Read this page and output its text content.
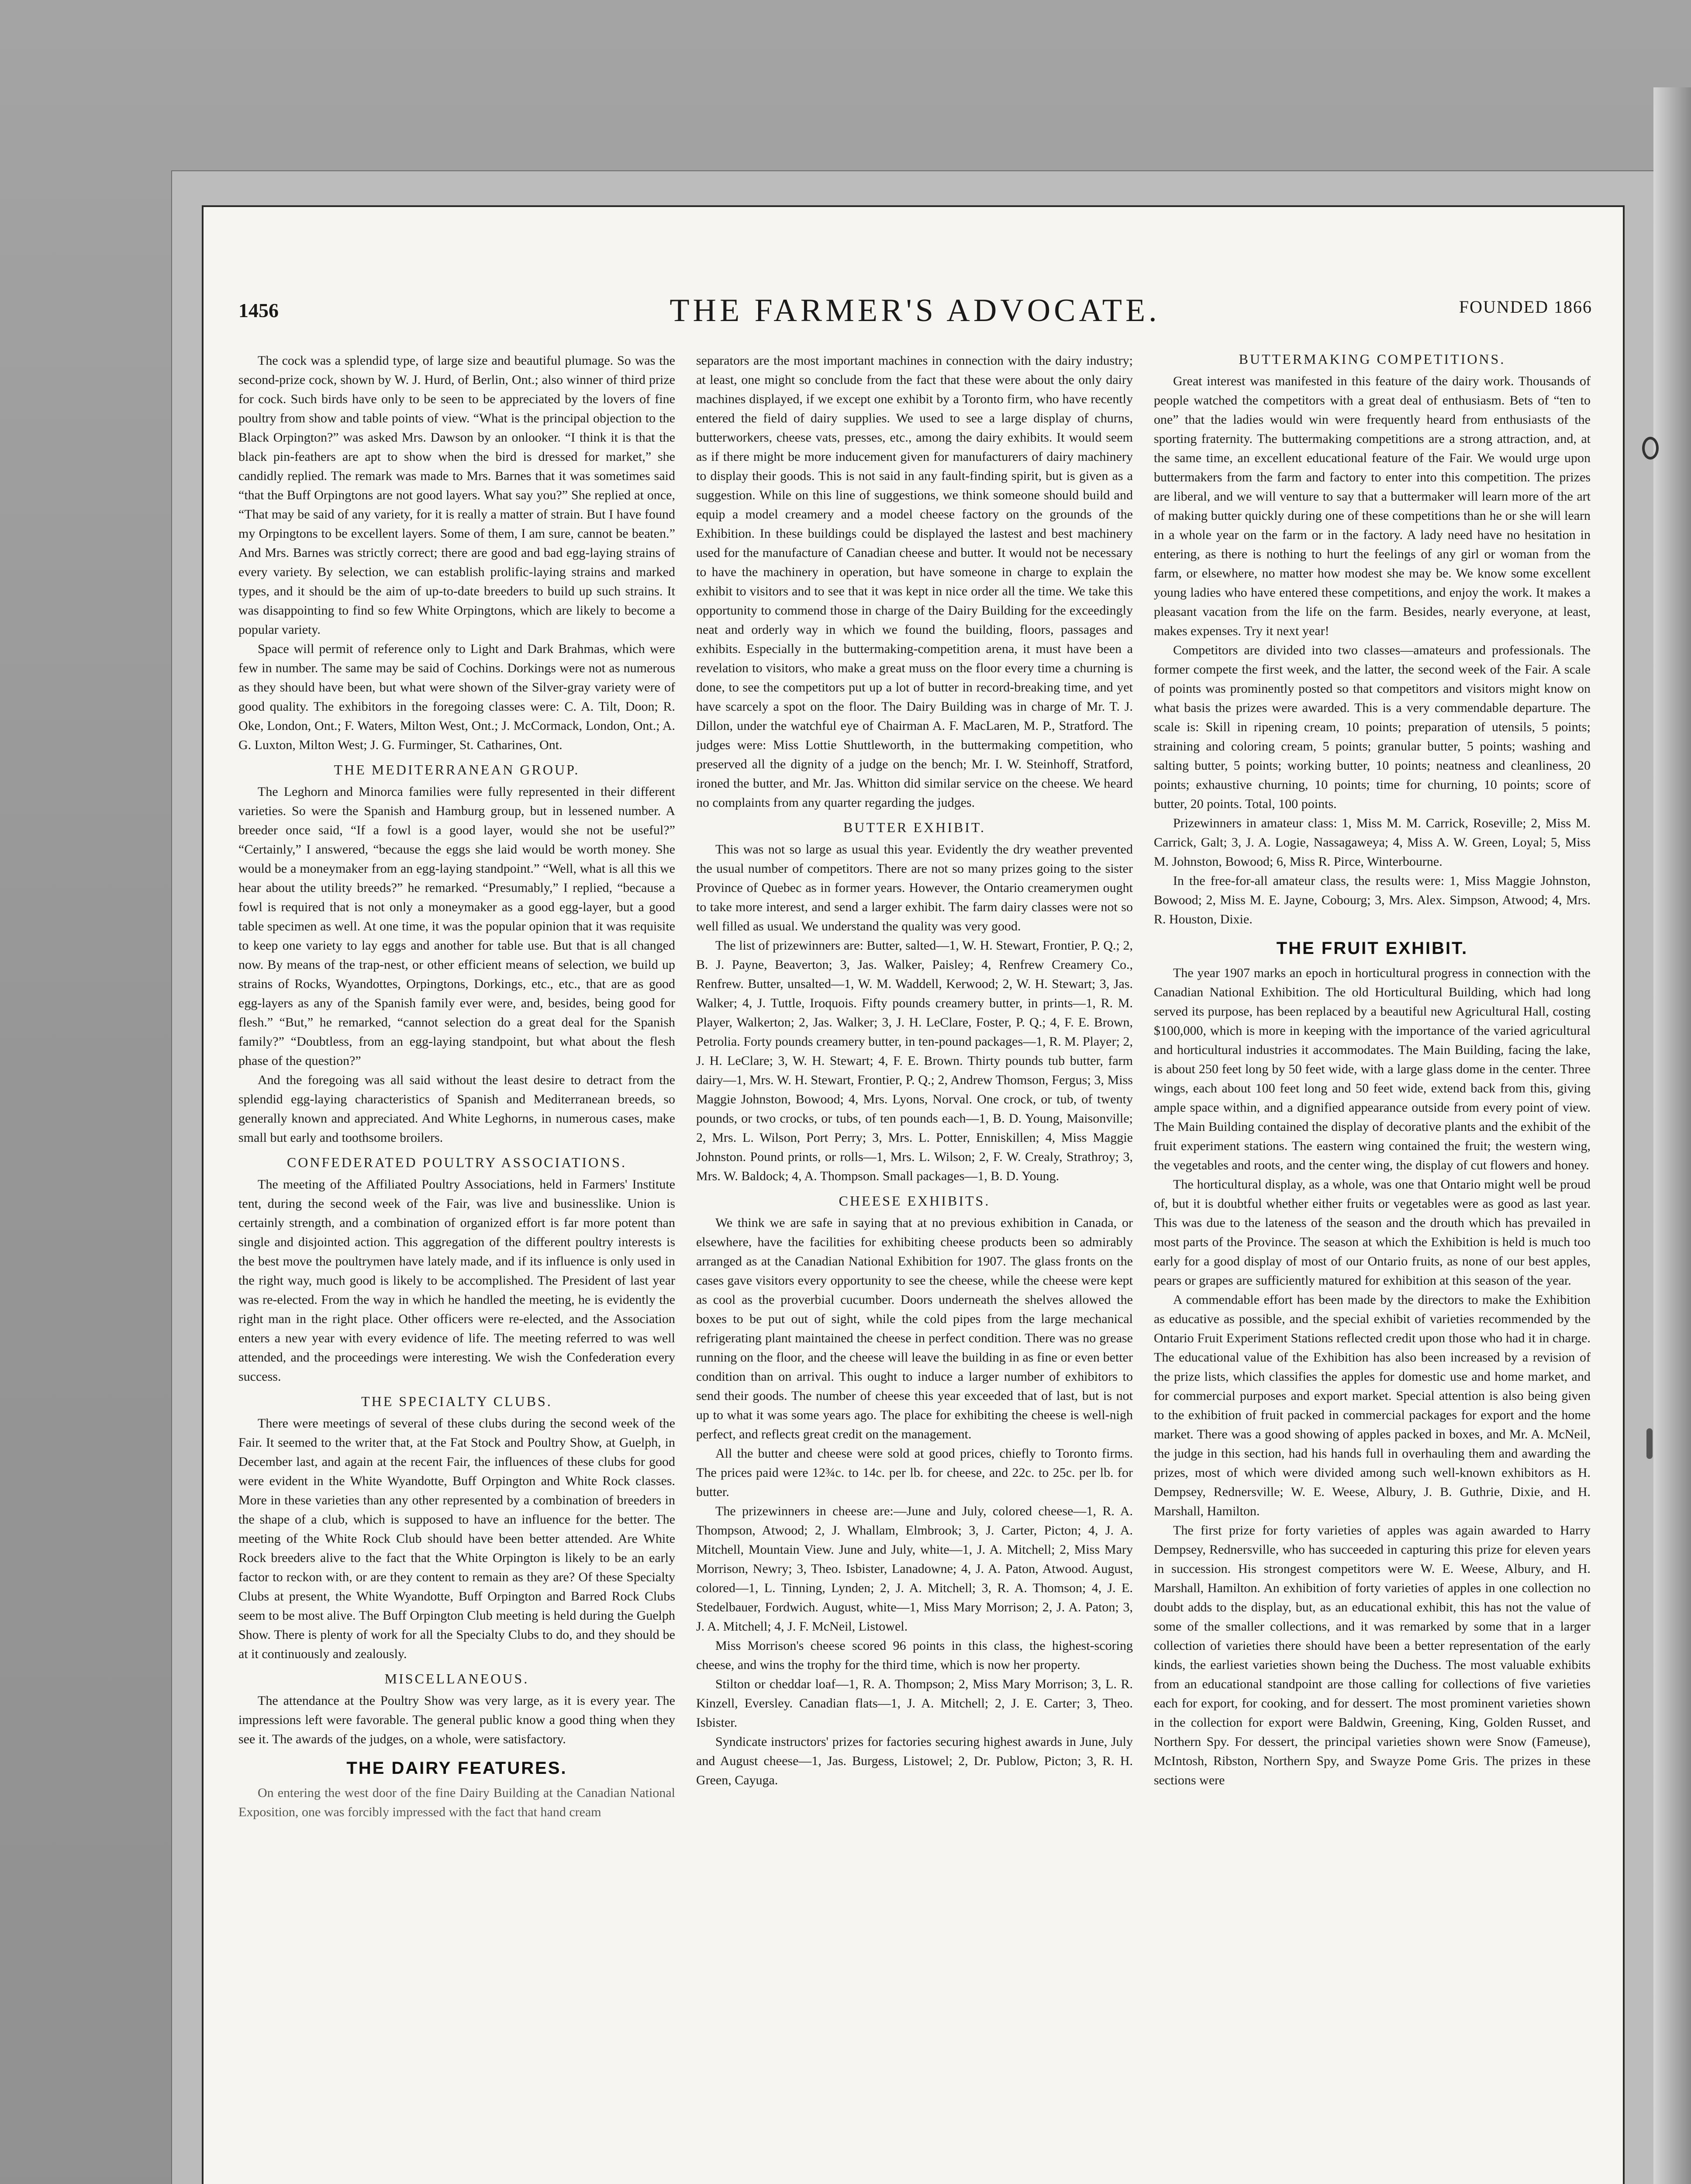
1456	THE FARMER'S ADVOCATE.	FOUNDED 1866

The cock was a splendid type, of large size and beautiful plumage. So was the second-prize cock, shown by W. J. Hurd, of Berlin, Ont.; also winner of third prize for cock. Such birds have only to be seen to be appreciated by the lovers of fine poultry from show and table points of view. “What is the principal objection to the Black Orpington?” was asked Mrs. Dawson by an onlooker. “I think it is that the black pin-feathers are apt to show when the bird is dressed for market,” she candidly replied. The remark was made to Mrs. Barnes that it was sometimes said “that the Buff Orpingtons are not good layers. What say you?” She replied at once, “That may be said of any variety, for it is really a matter of strain. But I have found my Orpingtons to be excellent layers. Some of them, I am sure, cannot be beaten.” And Mrs. Barnes was strictly correct; there are good and bad egg-laying strains of every variety. By selection, we can establish prolific-laying strains and marked types, and it should be the aim of up-to-date breeders to build up such strains. It was disappointing to find so few White Orpingtons, which are likely to become a popular variety.

Space will permit of reference only to Light and Dark Brahmas, which were few in number. The same may be said of Cochins. Dorkings were not as numerous as they should have been, but what were shown of the Silver-gray variety were of good quality. The exhibitors in the foregoing classes were: C. A. Tilt, Doon; R. Oke, London, Ont.; F. Waters, Milton West, Ont.; J. McCormack, London, Ont.; A. G. Luxton, Milton West; J. G. Furminger, St. Catharines, Ont.

THE MEDITERRANEAN GROUP.

The Leghorn and Minorca families were fully represented in their different varieties. So were the Spanish and Hamburg group, but in lessened number. A breeder once said, “If a fowl is a good layer, would she not be useful?” “Certainly,” I answered, “because the eggs she laid would be worth money. She would be a moneymaker from an egg-laying standpoint.” “Well, what is all this we hear about the utility breeds?” he remarked. “Presumably,” I replied, “because a fowl is required that is not only a moneymaker as a good egg-layer, but a good table specimen as well. At one time, it was the popular opinion that it was requisite to keep one variety to lay eggs and another for table use. But that is all changed now. By means of the trap-nest, or other efficient means of selection, we build up strains of Rocks, Wyandottes, Orpingtons, Dorkings, etc., etc., that are as good egg-layers as any of the Spanish family ever were, and, besides, being good for flesh.” “But,” he remarked, “cannot selection do a great deal for the Spanish family?” “Doubtless, from an egg-laying standpoint, but what about the flesh phase of the question?”

And the foregoing was all said without the least desire to detract from the splendid egg-laying characteristics of Spanish and Mediterranean breeds, so generally known and appreciated. And White Leghorns, in numerous cases, make small but early and toothsome broilers.

CONFEDERATED POULTRY ASSOCIATIONS.

The meeting of the Affiliated Poultry Associations, held in Farmers' Institute tent, during the second week of the Fair, was live and businesslike. Union is certainly strength, and a combination of organized effort is far more potent than single and disjointed action. This aggregation of the different poultry interests is the best move the poultrymen have lately made, and if its influence is only used in the right way, much good is likely to be accomplished. The President of last year was re-elected. From the way in which he handled the meeting, he is evidently the right man in the right place. Other officers were re-elected, and the Association enters a new year with every evidence of life. The meeting referred to was well attended, and the proceedings were interesting. We wish the Confederation every success.

THE SPECIALTY CLUBS.

There were meetings of several of these clubs during the second week of the Fair. It seemed to the writer that, at the Fat Stock and Poultry Show, at Guelph, in December last, and again at the recent Fair, the influences of these clubs for good were evident in the White Wyandotte, Buff Orpington and White Rock classes. More in these varieties than any other represented by a combination of breeders in the shape of a club, which is supposed to have an influence for the better. The meeting of the White Rock Club should have been better attended. Are White Rock breeders alive to the fact that the White Orpington is likely to be an early factor to reckon with, or are they content to remain as they are? Of these Specialty Clubs at present, the White Wyandotte, Buff Orpington and Barred Rock Clubs seem to be most alive. The Buff Orpington Club meeting is held during the Guelph Show. There is plenty of work for all the Specialty Clubs to do, and they should be at it continuously and zealously.

MISCELLANEOUS.

The attendance at the Poultry Show was very large, as it is every year. The impressions left were favorable. The general public know a good thing when they see it. The awards of the judges, on a whole, were satisfactory.

THE DAIRY FEATURES.

On entering the west door of the fine Dairy Building at the Canadian National Exposition, one was forcibly impressed with the fact that hand cream

separators are the most important machines in connection with the dairy industry; at least, one might so conclude from the fact that these were about the only dairy machines displayed, if we except one exhibit by a Toronto firm, who have recently entered the field of dairy supplies. We used to see a large display of churns, butterworkers, cheese vats, presses, etc., among the dairy exhibits. It would seem as if there might be more inducement given for manufacturers of dairy machinery to display their goods. This is not said in any fault-finding spirit, but is given as a suggestion. While on this line of suggestions, we think someone should build and equip a model creamery and a model cheese factory on the grounds of the Exhibition. In these buildings could be displayed the lastest and best machinery used for the manufacture of Canadian cheese and butter. It would not be necessary to have the machinery in operation, but have someone in charge to explain the exhibit to visitors and to see that it was kept in nice order all the time. We take this opportunity to commend those in charge of the Dairy Building for the exceedingly neat and orderly way in which we found the building, floors, passages and exhibits. Especially in the buttermaking-competition arena, it must have been a revelation to visitors, who make a great muss on the floor every time a churning is done, to see the competitors put up a lot of butter in record-breaking time, and yet have scarcely a spot on the floor. The Dairy Building was in charge of Mr. T. J. Dillon, under the watchful eye of Chairman A. F. MacLaren, M. P., Stratford. The judges were: Miss Lottie Shuttleworth, in the buttermaking competition, who preserved all the dignity of a judge on the bench; Mr. I. W. Steinhoff, Stratford, ironed the butter, and Mr. Jas. Whitton did similar service on the cheese. We heard no complaints from any quarter regarding the judges.

BUTTER EXHIBIT.

This was not so large as usual this year. Evidently the dry weather prevented the usual number of competitors. There are not so many prizes going to the sister Province of Quebec as in former years. However, the Ontario creamerymen ought to take more interest, and send a larger exhibit. The farm dairy classes were not so well filled as usual. We understand the quality was very good.

The list of prizewinners are: Butter, salted—1, W. H. Stewart, Frontier, P. Q.; 2, B. J. Payne, Beaverton; 3, Jas. Walker, Paisley; 4, Renfrew Creamery Co., Renfrew. Butter, unsalted—1, W. M. Waddell, Kerwood; 2, W. H. Stewart; 3, Jas. Walker; 4, J. Tuttle, Iroquois. Fifty pounds creamery butter, in prints—1, R. M. Player, Walkerton; 2, Jas. Walker; 3, J. H. LeClare, Foster, P. Q.; 4, F. E. Brown, Petrolia. Forty pounds creamery butter, in ten-pound packages—1, R. M. Player; 2, J. H. LeClare; 3, W. H. Stewart; 4, F. E. Brown. Thirty pounds tub butter, farm dairy—1, Mrs. W. H. Stewart, Frontier, P. Q.; 2, Andrew Thomson, Fergus; 3, Miss Maggie Johnston, Bowood; 4, Mrs. Lyons, Norval. One crock, or tub, of twenty pounds, or two crocks, or tubs, of ten pounds each—1, B. D. Young, Maisonville; 2, Mrs. L. Wilson, Port Perry; 3, Mrs. L. Potter, Enniskillen; 4, Miss Maggie Johnston. Pound prints, or rolls—1, Mrs. L. Wilson; 2, F. W. Crealy, Strathroy; 3, Mrs. W. Baldock; 4, A. Thompson. Small packages—1, B. D. Young.

CHEESE EXHIBITS.

We think we are safe in saying that at no previous exhibition in Canada, or elsewhere, have the facilities for exhibiting cheese products been so admirably arranged as at the Canadian National Exhibition for 1907. The glass fronts on the cases gave visitors every opportunity to see the cheese, while the cheese were kept as cool as the proverbial cucumber. Doors underneath the shelves allowed the boxes to be put out of sight, while the cold pipes from the large mechanical refrigerating plant maintained the cheese in perfect condition. There was no grease running on the floor, and the cheese will leave the building in as fine or even better condition than on arrival. This ought to induce a larger number of exhibitors to send their goods. The number of cheese this year exceeded that of last, but is not up to what it was some years ago. The place for exhibiting the cheese is well-nigh perfect, and reflects great credit on the management.

All the butter and cheese were sold at good prices, chiefly to Toronto firms. The prices paid were 12¾c. to 14c. per lb. for cheese, and 22c. to 25c. per lb. for butter.

The prizewinners in cheese are:—June and July, colored cheese—1, R. A. Thompson, Atwood; 2, J. Whallam, Elmbrook; 3, J. Carter, Picton; 4, J. A. Mitchell, Mountain View. June and July, white—1, J. A. Mitchell; 2, Miss Mary Morrison, Newry; 3, Theo. Isbister, Lanadowne; 4, J. A. Paton, Atwood. August, colored—1, L. Tinning, Lynden; 2, J. A. Mitchell; 3, R. A. Thomson; 4, J. E. Stedelbauer, Fordwich. August, white—1, Miss Mary Morrison; 2, J. A. Paton; 3, J. A. Mitchell; 4, J. F. McNeil, Listowel.

Miss Morrison's cheese scored 96 points in this class, the highest-scoring cheese, and wins the trophy for the third time, which is now her property.

Stilton or cheddar loaf—1, R. A. Thompson; 2, Miss Mary Morrison; 3, L. R. Kinzell, Eversley. Canadian flats—1, J. A. Mitchell; 2, J. E. Carter; 3, Theo. Isbister.

Syndicate instructors' prizes for factories securing highest awards in June, July and August cheese—1, Jas. Burgess, Listowel; 2, Dr. Publow, Picton; 3, R. H. Green, Cayuga.

BUTTERMAKING COMPETITIONS.

Great interest was manifested in this feature of the dairy work. Thousands of people watched the competitors with a great deal of enthusiasm. Bets of “ten to one” that the ladies would win were frequently heard from enthusiasts of the sporting fraternity. The buttermaking competitions are a strong attraction, and, at the same time, an excellent educational feature of the Fair. We would urge upon buttermakers from the farm and factory to enter into this competition. The prizes are liberal, and we will venture to say that a buttermaker will learn more of the art of making butter quickly during one of these competitions than he or she will learn in a whole year on the farm or in the factory. A lady need have no hesitation in entering, as there is nothing to hurt the feelings of any girl or woman from the farm, or elsewhere, no matter how modest she may be. We know some excellent young ladies who have entered these competitions, and enjoy the work. It makes a pleasant vacation from the life on the farm. Besides, nearly everyone, at least, makes expenses. Try it next year!

Competitors are divided into two classes—amateurs and professionals. The former compete the first week, and the latter, the second week of the Fair. A scale of points was prominently posted so that competitors and visitors might know on what basis the prizes were awarded. This is a very commendable departure. The scale is: Skill in ripening cream, 10 points; preparation of utensils, 5 points; straining and coloring cream, 5 points; granular butter, 5 points; washing and salting butter, 5 points; working butter, 10 points; neatness and cleanliness, 20 points; exhaustive churning, 10 points; time for churning, 10 points; score of butter, 20 points. Total, 100 points.

Prizewinners in amateur class: 1, Miss M. M. Carrick, Roseville; 2, Miss M. Carrick, Galt; 3, J. A. Logie, Nassagaweya; 4, Miss A. W. Green, Loyal; 5, Miss M. Johnston, Bowood; 6, Miss R. Pirce, Winterbourne.

In the free-for-all amateur class, the results were: 1, Miss Maggie Johnston, Bowood; 2, Miss M. E. Jayne, Cobourg; 3, Mrs. Alex. Simpson, Atwood; 4, Mrs. R. Houston, Dixie.

THE FRUIT EXHIBIT.

The year 1907 marks an epoch in horticultural progress in connection with the Canadian National Exhibition. The old Horticultural Building, which had long served its purpose, has been replaced by a beautiful new Agricultural Hall, costing $100,000, which is more in keeping with the importance of the varied agricultural and horticultural industries it accommodates. The Main Building, facing the lake, is about 250 feet long by 50 feet wide, with a large glass dome in the center. Three wings, each about 100 feet long and 50 feet wide, extend back from this, giving ample space within, and a dignified appearance outside from every point of view. The Main Building contained the display of decorative plants and the exhibit of the fruit experiment stations. The eastern wing contained the fruit; the western wing, the vegetables and roots, and the center wing, the display of cut flowers and honey.

The horticultural display, as a whole, was one that Ontario might well be proud of, but it is doubtful whether either fruits or vegetables were as good as last year. This was due to the lateness of the season and the drouth which has prevailed in most parts of the Province. The season at which the Exhibition is held is much too early for a good display of most of our Ontario fruits, as none of our best apples, pears or grapes are sufficiently matured for exhibition at this season of the year.

A commendable effort has been made by the directors to make the Exhibition as educative as possible, and the special exhibit of varieties recommended by the Ontario Fruit Experiment Stations reflected credit upon those who had it in charge. The educational value of the Exhibition has also been increased by a revision of the prize lists, which classifies the apples for domestic use and home market, and for commercial purposes and export market. Special attention is also being given to the exhibition of fruit packed in commercial packages for export and the home market. There was a good showing of apples packed in boxes, and Mr. A. McNeil, the judge in this section, had his hands full in overhauling them and awarding the prizes, most of which were divided among such well-known exhibitors as H. Dempsey, Rednersville; W. E. Weese, Albury, J. B. Guthrie, Dixie, and H. Marshall, Hamilton.

The first prize for forty varieties of apples was again awarded to Harry Dempsey, Rednersville, who has succeeded in capturing this prize for eleven years in succession. His strongest competitors were W. E. Weese, Albury, and H. Marshall, Hamilton. An exhibition of forty varieties of apples in one collection no doubt adds to the display, but, as an educational exhibit, this has not the value of some of the smaller collections, and it was remarked by some that in a larger collection of varieties there should have been a better representation of the early kinds, the earliest varieties shown being the Duchess. The most valuable exhibits from an educational standpoint are those calling for collections of five varieties each for export, for cooking, and for dessert. The most prominent varieties shown in the collection for export were Baldwin, Greening, King, Golden Russet, and Northern Spy. For dessert, the principal varieties shown were Snow (Fameuse), McIntosh, Ribston, Northern Spy, and Swayze Pome Gris. The prizes in these sections were
